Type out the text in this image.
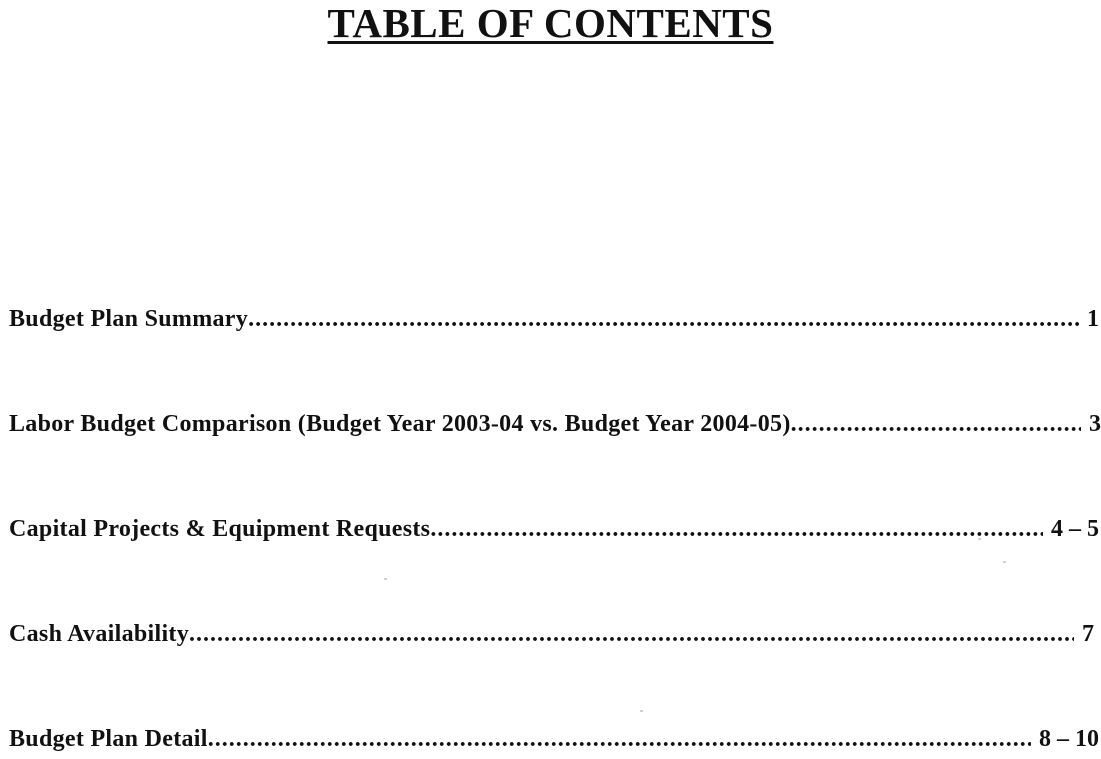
TABLE OF CONTENTS
Budget Plan Summary .....	1
Labor Budget Comparison (Budget Year 2003-04 vs. Budget Year 2004-05) .....	3
Capital Projects & Equipment Requests .....	4 – 5
Cash Availability .....	7
Budget Plan Detail .....	8 – 10
